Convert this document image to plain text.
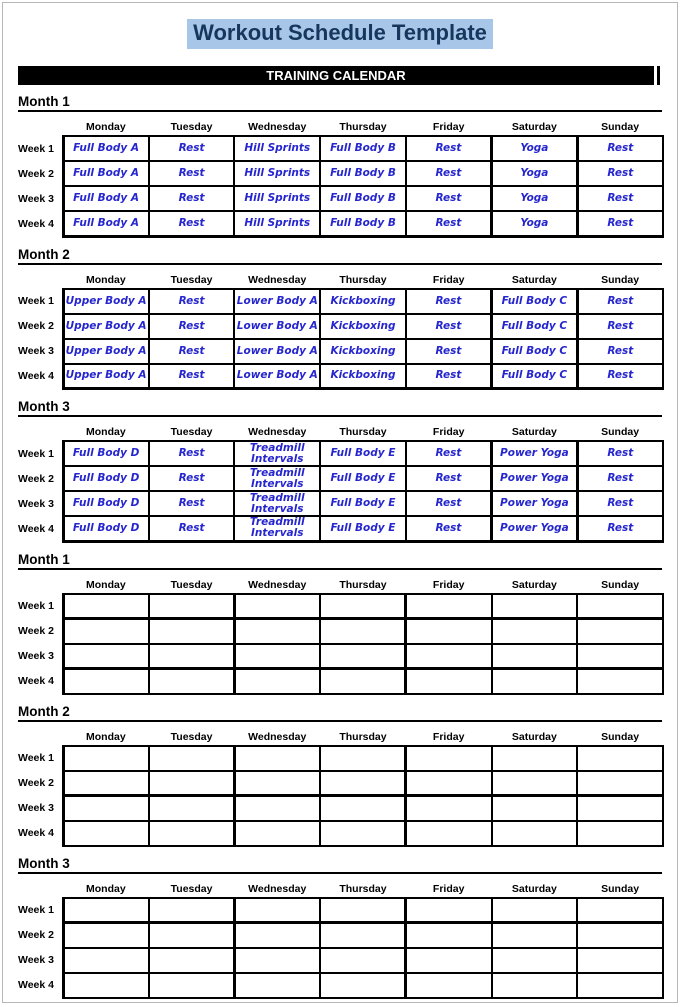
Workout Schedule Template
TRAINING CALENDAR
Month 1
	Monday	Tuesday	Wednesday	Thursday	Friday	Saturday	Sunday
Week 1	Full Body A	Rest	Hill Sprints	Full Body B	Rest	Yoga	Rest
Week 2	Full Body A	Rest	Hill Sprints	Full Body B	Rest	Yoga	Rest
Week 3	Full Body A	Rest	Hill Sprints	Full Body B	Rest	Yoga	Rest
Week 4	Full Body A	Rest	Hill Sprints	Full Body B	Rest	Yoga	Rest
Month 2
	Monday	Tuesday	Wednesday	Thursday	Friday	Saturday	Sunday
Week 1	Upper Body A	Rest	Lower Body A	Kickboxing	Rest	Full Body C	Rest
Week 2	Upper Body A	Rest	Lower Body A	Kickboxing	Rest	Full Body C	Rest
Week 3	Upper Body A	Rest	Lower Body A	Kickboxing	Rest	Full Body C	Rest
Week 4	Upper Body A	Rest	Lower Body A	Kickboxing	Rest	Full Body C	Rest
Month 3
	Monday	Tuesday	Wednesday	Thursday	Friday	Saturday	Sunday
Week 1	Full Body D	Rest	Treadmill Intervals	Full Body E	Rest	Power Yoga	Rest
Week 2	Full Body D	Rest	Treadmill Intervals	Full Body E	Rest	Power Yoga	Rest
Week 3	Full Body D	Rest	Treadmill Intervals	Full Body E	Rest	Power Yoga	Rest
Week 4	Full Body D	Rest	Treadmill Intervals	Full Body E	Rest	Power Yoga	Rest
Month 1
	Monday	Tuesday	Wednesday	Thursday	Friday	Saturday	Sunday
Week 1							
Week 2							
Week 3							
Week 4							
Month 2
	Monday	Tuesday	Wednesday	Thursday	Friday	Saturday	Sunday
Week 1							
Week 2							
Week 3							
Week 4							
Month 3
	Monday	Tuesday	Wednesday	Thursday	Friday	Saturday	Sunday
Week 1							
Week 2							
Week 3							
Week 4							
